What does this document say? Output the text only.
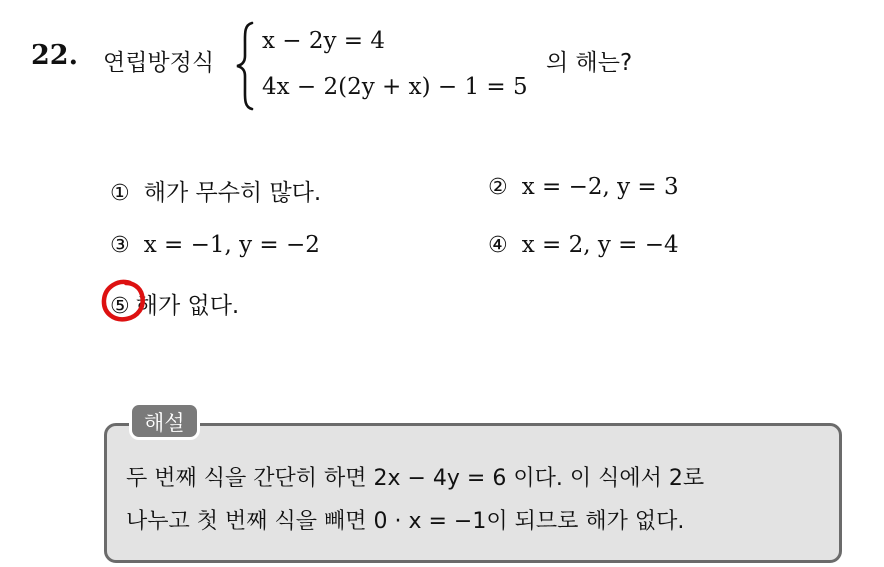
22. 연립방정식
x − 2y = 4
4x − 2(2y + x) − 1 = 5
의 해는?
① 해가 무수히 많다.	② x = −2, y = 3
③ x = −1, y = −2	④ x = 2, y = −4
⑤ 해가 없다.
해설
두 번째 식을 간단히 하면 2x − 4y = 6 이다. 이 식에서 2로
나누고 첫 번째 식을 빼면 0 · x = −1이 되므로 해가 없다.
